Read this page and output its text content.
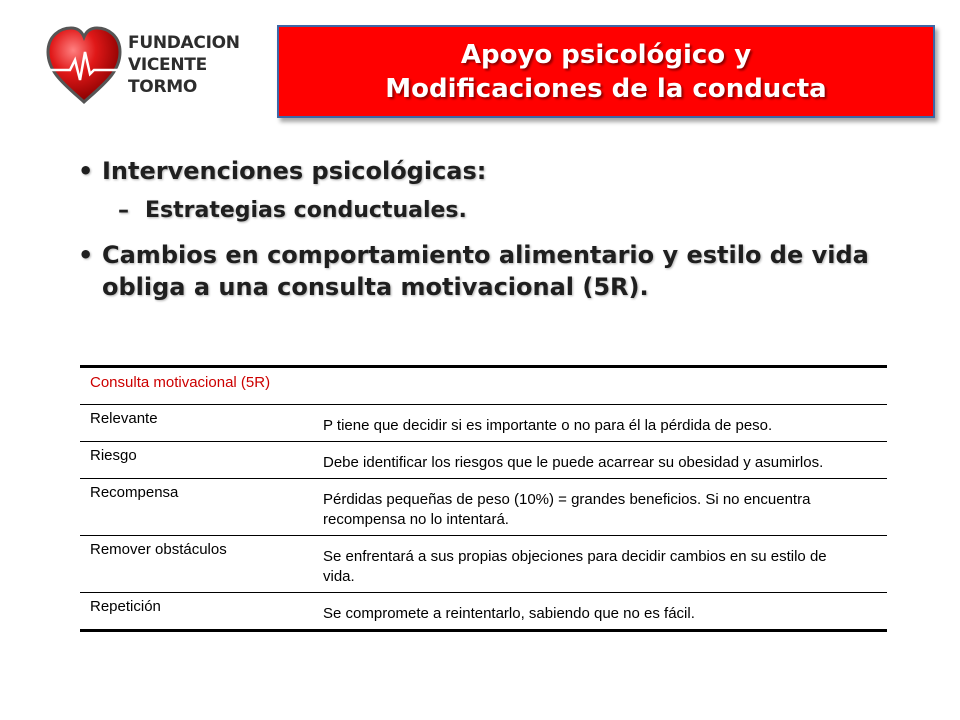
FUNDACION
VICENTE TORMO
Apoyo psicológico y
Modificaciones de la conducta
• Intervenciones psicológicas:
– Estrategias conductuales.
• Cambios en comportamiento alimentario y estilo de vida
obliga a una consulta motivacional (5R).
Consulta motivacional (5R)
Relevante	P tiene que decidir si es importante o no para él la pérdida de peso.
Riesgo	Debe identificar los riesgos que le puede acarrear su obesidad y asumirlos.
Recompensa	Pérdidas pequeñas de peso (10%) = grandes beneficios. Si no encuentra recompensa no lo intentará.
Remover obstáculos	Se enfrentará a sus propias objeciones para decidir cambios en su estilo de vida.
Repetición	Se compromete a reintentarlo, sabiendo que no es fácil.
